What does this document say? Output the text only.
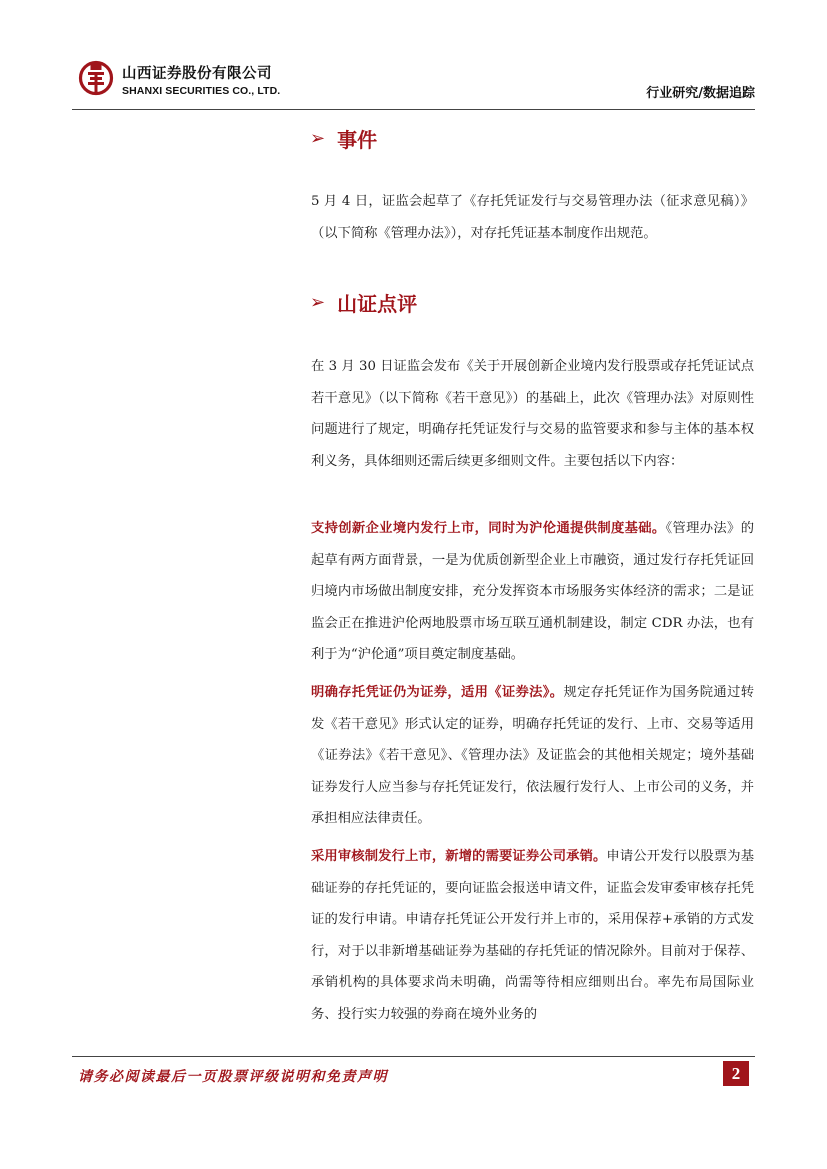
山西证券股份有限公司
SHANXI SECURITIES CO., LTD.	行业研究/数据追踪
➢ 事件
5 月 4 日，证监会起草了《存托凭证发行与交易管理办法（征求意见稿）》（以下简称《管理办法》），对存托凭证基本制度作出规范。
➢ 山证点评
在 3 月 30 日证监会发布《关于开展创新企业境内发行股票或存托凭证试点若干意见》（以下简称《若干意见》）的基础上，此次《管理办法》对原则性问题进行了规定，明确存托凭证发行与交易的监管要求和参与主体的基本权利义务，具体细则还需后续更多细则文件。主要包括以下内容：
支持创新企业境内发行上市，同时为沪伦通提供制度基础。《管理办法》的起草有两方面背景，一是为优质创新型企业上市融资，通过发行存托凭证回归境内市场做出制度安排，充分发挥资本市场服务实体经济的需求；二是证监会正在推进沪伦两地股票市场互联互通机制建设，制定 CDR 办法，也有利于为“沪伦通”项目奠定制度基础。
明确存托凭证仍为证券，适用《证券法》。规定存托凭证作为国务院通过转发《若干意见》形式认定的证券，明确存托凭证的发行、上市、交易等适用《证券法》《若干意见》、《管理办法》及证监会的其他相关规定；境外基础证券发行人应当参与存托凭证发行，依法履行发行人、上市公司的义务，并承担相应法律责任。
采用审核制发行上市，新增的需要证券公司承销。申请公开发行以股票为基础证券的存托凭证的，要向证监会报送申请文件，证监会发审委审核存托凭证的发行申请。申请存托凭证公开发行并上市的，采用保荐+承销的方式发行，对于以非新增基础证券为基础的存托凭证的情况除外。目前对于保荐、承销机构的具体要求尚未明确，尚需等待相应细则出台。率先布局国际业务、投行实力较强的券商在境外业务的
请务必阅读最后一页股票评级说明和免责声明	2
